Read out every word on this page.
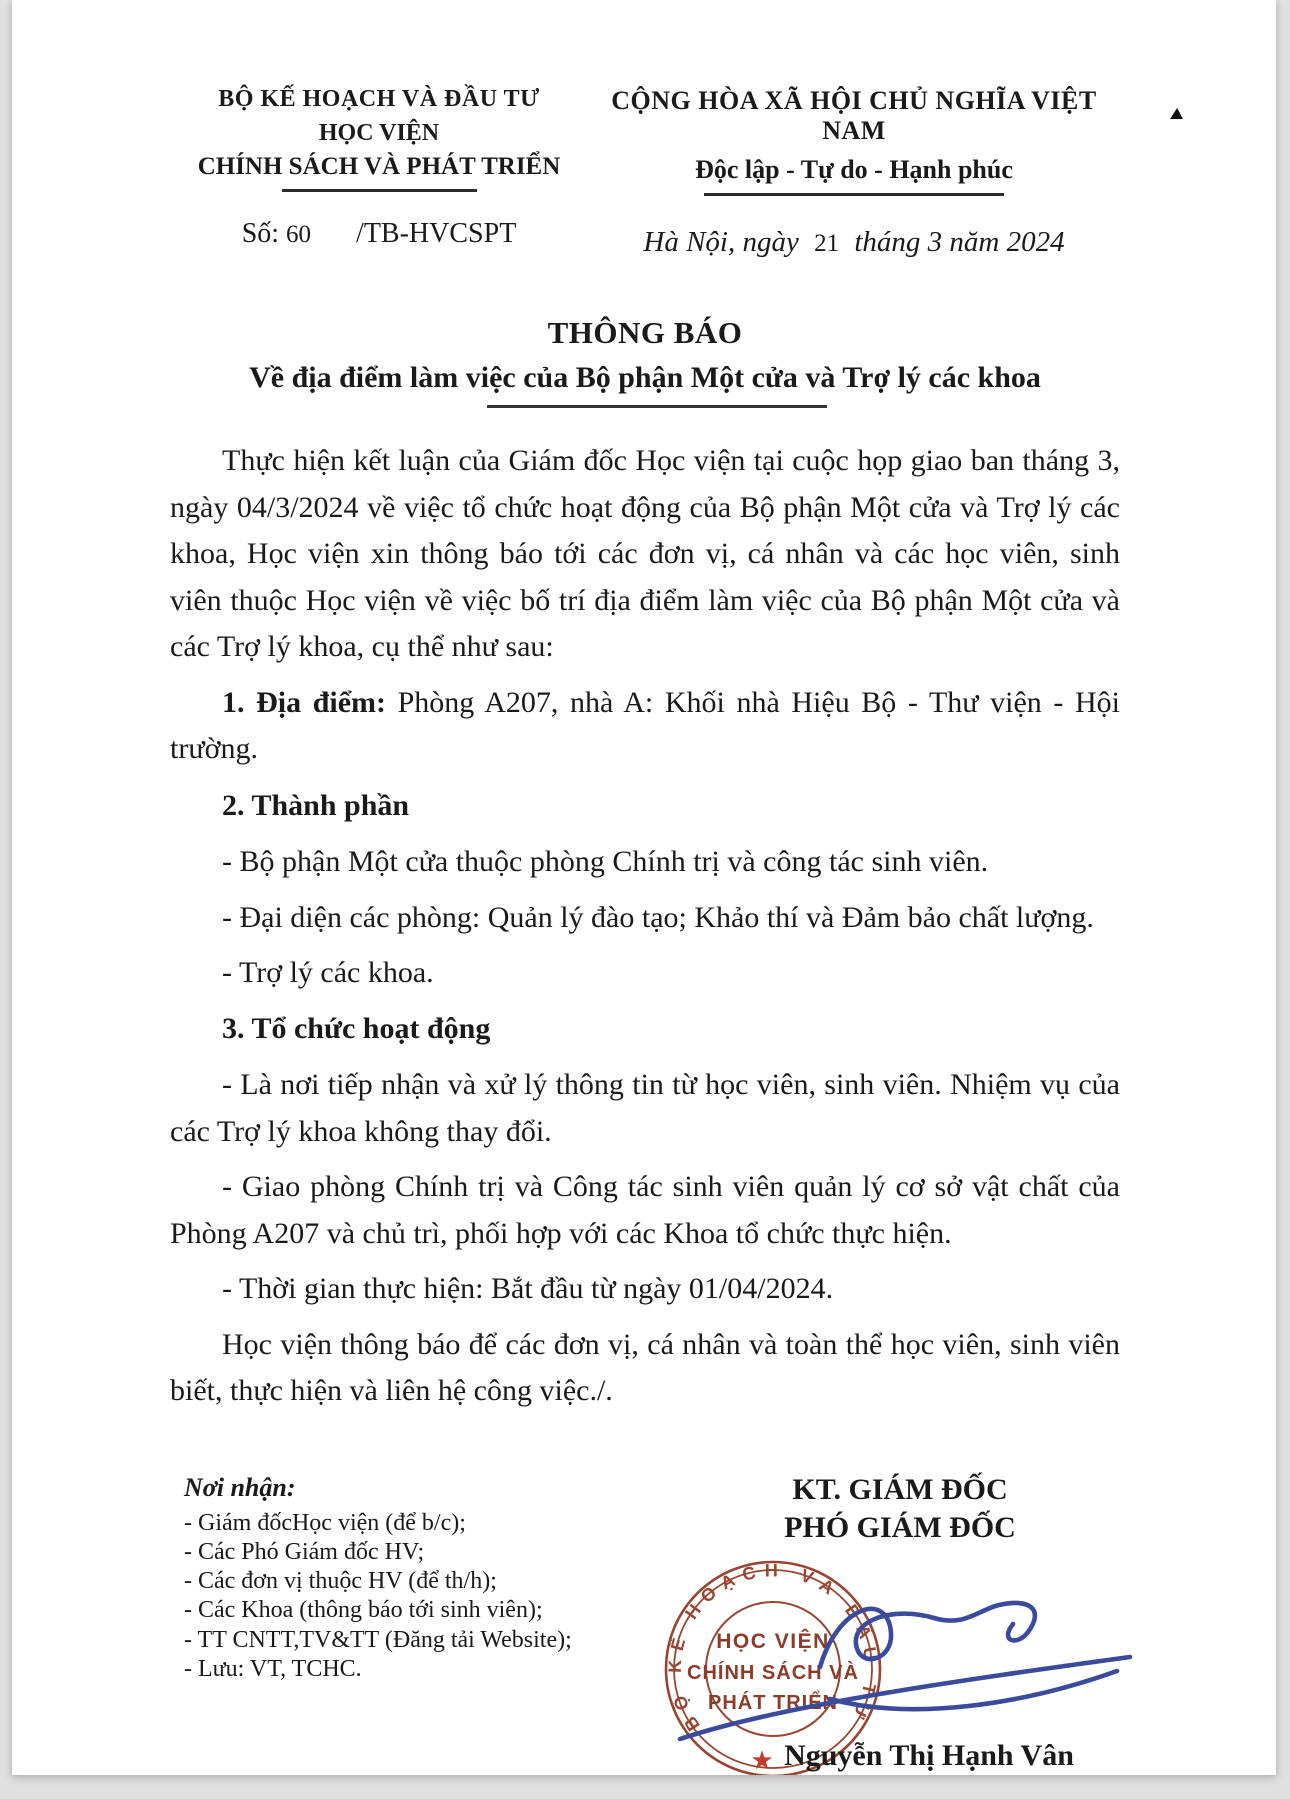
BỘ KẾ HOẠCH VÀ ĐẦU TƯ
HỌC VIỆN
CHÍNH SÁCH VÀ PHÁT TRIỂN
Số: 60 /TB-HVCSPT
CỘNG HÒA XÃ HỘI CHỦ NGHĨA VIỆT NAM
Độc lập - Tự do - Hạnh phúc
Hà Nội, ngày 21 tháng 3 năm 2024
THÔNG BÁO
Về địa điểm làm việc của Bộ phận Một cửa và Trợ lý các khoa

Thực hiện kết luận của Giám đốc Học viện tại cuộc họp giao ban tháng 3, ngày 04/3/2024 về việc tổ chức hoạt động của Bộ phận Một cửa và Trợ lý các khoa, Học viện xin thông báo tới các đơn vị, cá nhân và các học viên, sinh viên thuộc Học viện về việc bố trí địa điểm làm việc của Bộ phận Một cửa và các Trợ lý khoa, cụ thể như sau:

1. Địa điểm: Phòng A207, nhà A: Khối nhà Hiệu Bộ - Thư viện - Hội trường.

2. Thành phần

- Bộ phận Một cửa thuộc phòng Chính trị và công tác sinh viên.

- Đại diện các phòng: Quản lý đào tạo; Khảo thí và Đảm bảo chất lượng.

- Trợ lý các khoa.

3. Tổ chức hoạt động

- Là nơi tiếp nhận và xử lý thông tin từ học viên, sinh viên. Nhiệm vụ của các Trợ lý khoa không thay đổi.

- Giao phòng Chính trị và Công tác sinh viên quản lý cơ sở vật chất của Phòng A207 và chủ trì, phối hợp với các Khoa tổ chức thực hiện.

- Thời gian thực hiện: Bắt đầu từ ngày 01/04/2024.

Học viện thông báo để các đơn vị, cá nhân và toàn thể học viên, sinh viên biết, thực hiện và liên hệ công việc./.

Nơi nhận:
- Giám đốcHọc viện (để b/c);
- Các Phó Giám đốc HV;
- Các đơn vị thuộc HV (để th/h);
- Các Khoa (thông báo tới sinh viên);
- TT CNTT,TV&TT (Đăng tải Website);
- Lưu: VT, TCHC.
KT. GIÁM ĐỐC
PHÓ GIÁM ĐỐC
BỘ KẾ HOẠCH VÀ ĐẦU TƯ
HỌC VIỆN
CHÍNH SÁCH VÀ
PHÁT TRIỂN
★ Nguyễn Thị Hạnh Vân
